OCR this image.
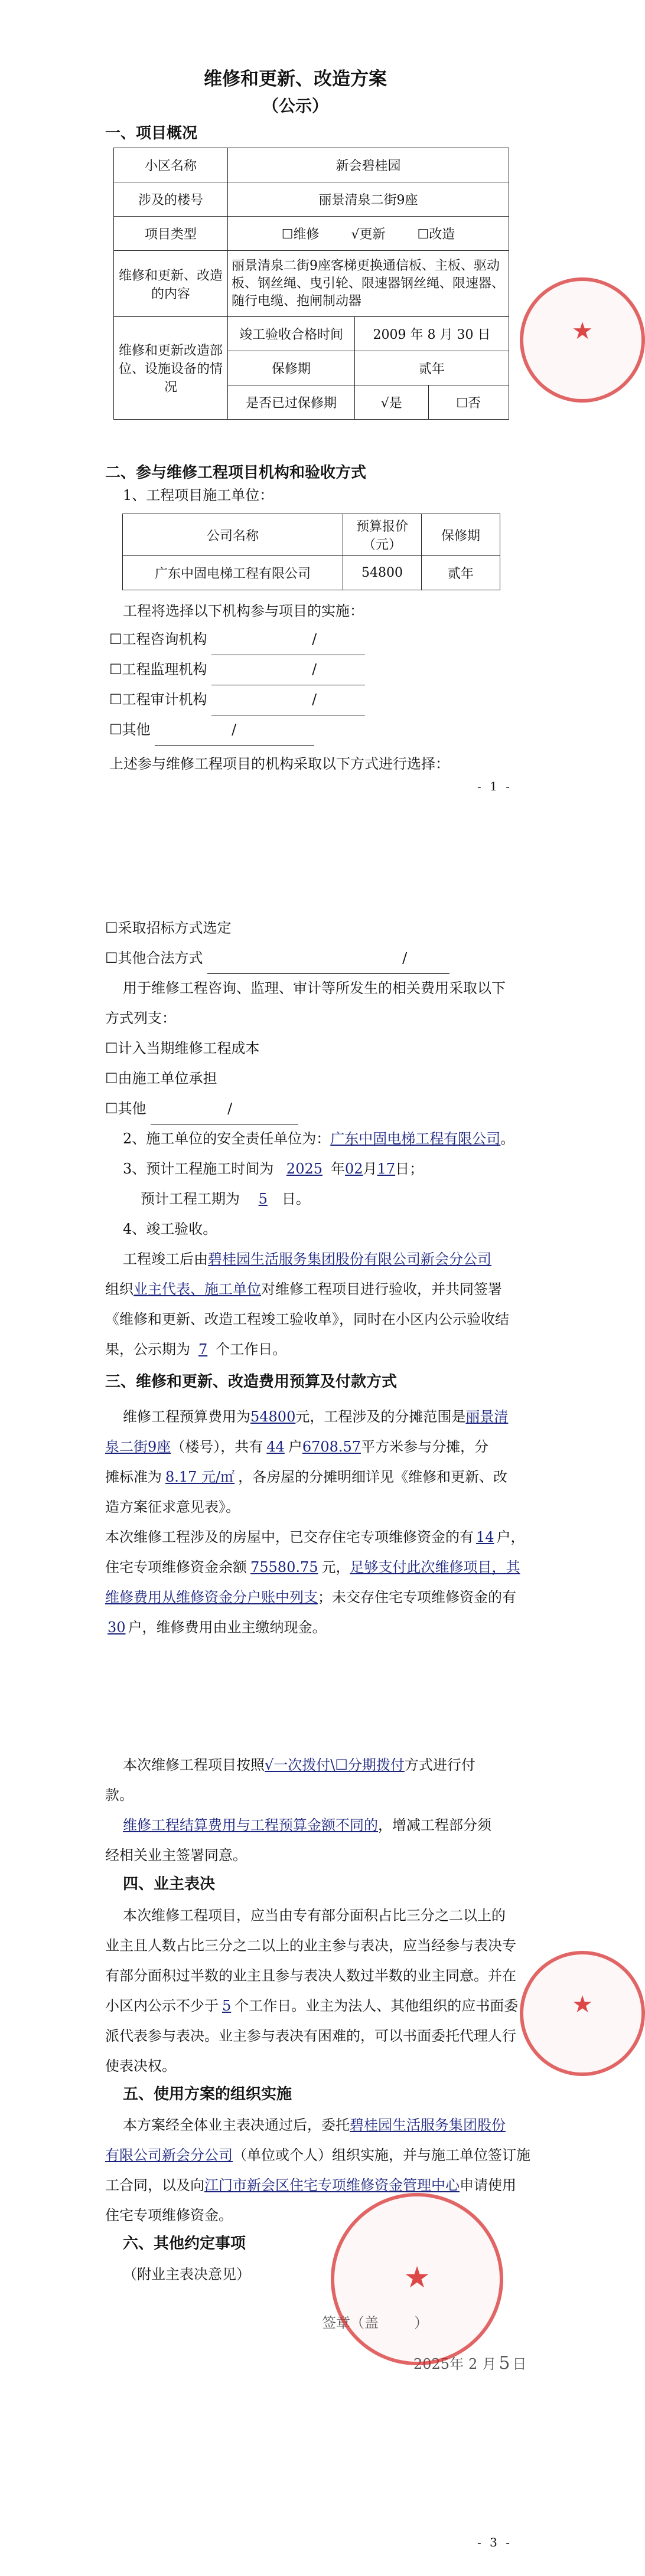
维修和更新、改造方案
（公示）
一、项目概况
小区名称	新会碧桂园		
涉及的楼号	丽景清泉二街9座		
项目类型	☐维修 √更新 ☐改造		
维修和更新、改造的内容	丽景清泉二街9座客梯更换通信板、主板、驱动板、钢丝绳、曳引轮、限速器钢丝绳、限速器、随行电缆、抱闸制动器		
维修和更新改造部位、设施设备的情况	竣工验收合格时间	2009 年 8 月 30 日	
	保修期	贰年	
	是否已过保修期	√是	☐否
二、参与维修工程项目机构和验收方式
1、工程项目施工单位：
公司名称	预算报价（元）	保修期
广东中固电梯工程有限公司	54800	贰年
工程将选择以下机构参与项目的实施：
☐工程咨询机构	/

☐工程监理机构	/

☐工程审计机构	/

☐其他	/

上述参与维修工程项目的机构采取以下方式进行选择：
- 1 -
★
☐采取招标方式选定
☐其他合法方式	/

用于维修工程咨询、监理、审计等所发生的相关费用采取以下
方式列支：
☐计入当期维修工程成本
☐由施工单位承担
☐其他	/

2、施工单位的安全责任单位为：广东中固电梯工程有限公司。
3、预计工程施工时间为 2025 年02月17日；
预计工程工期为 5 日。
4、竣工验收。
工程竣工后由碧桂园生活服务集团股份有限公司新会分公司
组织业主代表、施工单位对维修工程项目进行验收，并共同签署
《维修和更新、改造工程竣工验收单》，同时在小区内公示验收结
果，公示期为 7 个工作日。
三、维修和更新、改造费用预算及付款方式
维修工程预算费用为54800元，工程涉及的分摊范围是丽景清
泉二街9座（楼号），共有 44 户6708.57平方米参与分摊，分
摊标准为 8.17 元/㎡ ，各房屋的分摊明细详见《维修和更新、改
造方案征求意见表》。
本次维修工程涉及的房屋中，已交存住宅专项维修资金的有 14 户，
住宅专项维修资金余额 75580.75 元，足够支付此次维修项目，其
维修费用从维修资金分户账中列支；未交存住宅专项维修资金的有
30 户，维修费用由业主缴纳现金。
本次维修工程项目按照√一次拨付\☐分期拨付方式进行付
款。
维修工程结算费用与工程预算金额不同的，增减工程部分须
经相关业主签署同意。
四、业主表决
本次维修工程项目，应当由专有部分面积占比三分之二以上的
业主且人数占比三分之二以上的业主参与表决，应当经参与表决专
有部分面积过半数的业主且参与表决人数过半数的业主同意。并在
小区内公示不少于 5 个工作日。业主为法人、其他组织的应书面委
派代表参与表决。业主参与表决有困难的，可以书面委托代理人行
使表决权。
五、使用方案的组织实施
本方案经全体业主表决通过后，委托碧桂园生活服务集团股份
有限公司新会分公司（单位或个人）组织实施，并与施工单位签订施
工合同，以及向江门市新会区住宅专项维修资金管理中心申请使用
住宅专项维修资金。
六、其他约定事项
（附业主表决意见）
签章（盖	）
2025年 2 月 5 日
★
★
- 3 -
